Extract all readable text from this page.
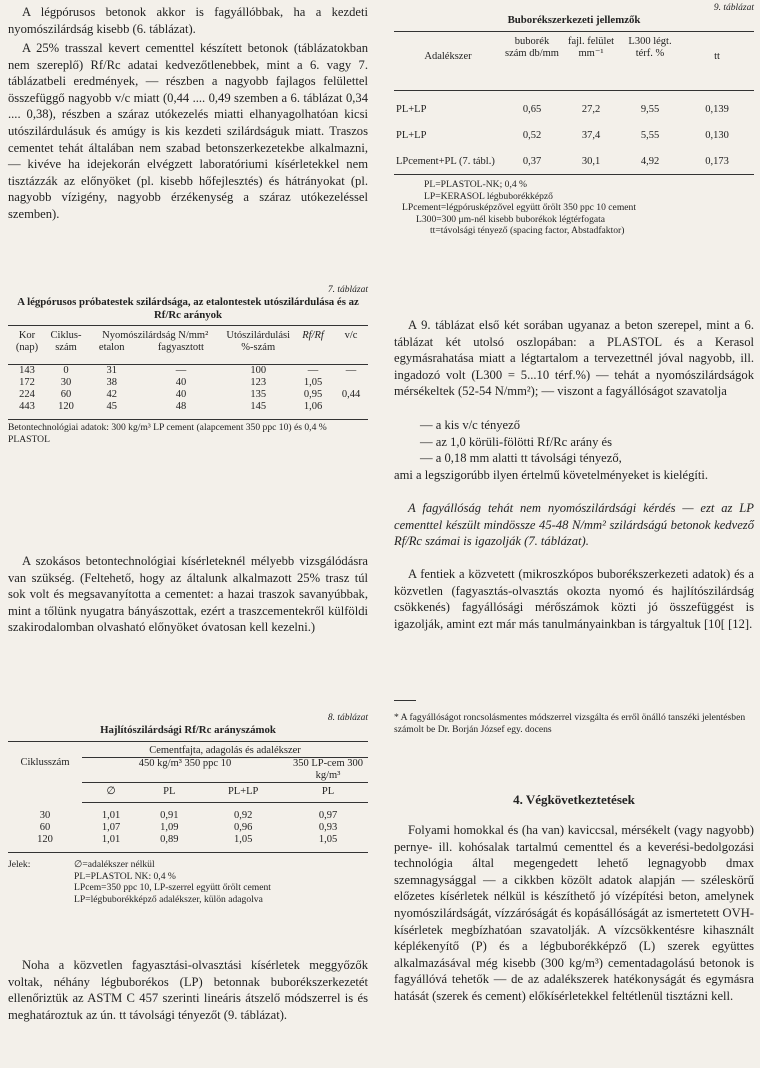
A légpórusos betonok akkor is fagyállóbbak, ha a kezdeti nyomószilárdság kisebb (6. táblázat).

A 25% trasszal kevert cementtel készített betonok (táblázatokban nem szereplő) Rf/Rc adatai kedvezőtlenebbek, mint a 6. vagy 7. táblázatbeli eredmények, — részben a nagyobb fajlagos felülettel összefüggő nagyobb v/c miatt (0,44 .... 0,49 szemben a 6. táblázat 0,34 .... 0,38), részben a száraz utókezelés miatti elhanyagolhatóan kicsi utószilárdulásuk és amúgy is kis kezdeti szilárdságuk miatt. Traszos cementet tehát általában nem szabad betonszerkezetekbe alkalmazni, — kivéve ha idejekorán elvégzett laboratóriumi kísérletekkel nem tisztázzák az előnyöket (pl. kisebb hőfejlesztés) és hátrányokat (pl. nagyobb vízigény, nagyobb érzékenység a száraz utókezeléssel szemben).

7. táblázat
A légpórusos próbatestek szilárdsága, az etalontestek utószilárdulása és az Rf/Rc arányok
Kor (nap)	Ciklus-szám	Nyomószilárdság N/mm²		Utószilárdulási %-szám	Rf/Rf	v/c
		etalon	fagyasztott			

143	0	31	—	100	—	—
172	30	38	40	123	1,05	
224	60	42	40	135	0,95	0,44
443	120	45	48	145	1,06	
Betontechnológiai adatok: 300 kg/m³ LP cement (alapcement 350 ppc 10) és 0,4 % PLASTOL

A szokásos betontechnológiai kísérleteknél mélyebb vizsgálódásra van szükség. (Feltehető, hogy az általunk alkalmazott 25% trasz túl sok volt és megsavanyította a cementet: a hazai traszok savanyúbbak, mint a tőlünk nyugatra bányászottak, ezért a traszcementekről külföldi szakirodalomban olvasható előnyöket óvatosan kell kezelni.)

8. táblázat
Hajlítószilárdsági Rf/Rc arányszámok
Ciklusszám	Cementfajta, adagolás és adalékszer			
	450 kg/m³ 350 ppc 10			350 LP-cem 300 kg/m³
	∅	PL	PL+LP	PL

30	1,01	0,91	0,92	0,97
60	1,07	1,09	0,96	0,93
120	1,01	0,89	1,05	1,05
Jelek:	∅=adalékszer nélkül
PL=PLASTOL NK: 0,4 %
LPcem=350 ppc 10, LP-szerrel együtt őrölt cement
LP=légbuborékképző adalékszer, külön adagolva

Noha a közvetlen fagyasztási-olvasztási kísérletek meggyőzők voltak, néhány légbuborékos (LP) betonnak buborékszerkezetét ellenőriztük az ASTM C 457 szerinti lineáris átszelő módszerrel is és meghatároztuk az ún. tt távolsági tényezőt (9. táblázat).

9. táblázat
Buborékszerkezeti jellemzők
Adalékszer	buborék szám db/mm	fajl. felület mm⁻¹	L300 légt. térf. %	tt

PL+LP	0,65	27,2	9,55	0,139

PL+LP	0,52	37,4	5,55	0,130

LPcement+PL (7. tábl.)	0,37	30,1	4,92	0,173
PL=PLASTOL-NK; 0,4 %
LP=KERASOL légbuborékképző
LPcement=légpórusképzővel együtt őrölt 350 ppc 10 cement
L300=300 μm-nél kisebb buborékok légtérfogata
tt=távolsági tényező (spacing factor, Abstadfaktor)

A 9. táblázat első két sorában ugyanaz a beton szerepel, mint a 6. táblázat két utolsó oszlopában: a PLASTOL és a Kerasol egymásrahatása miatt a légtartalom a tervezettnél jóval nagyobb, ill. ingadozó volt (L300 = 5...10 térf.%) — tehát a nyomószilárdságok mérsékeltek (52-54 N/mm²); — viszont a fagyállóságot szavatolja

— a kis v/c tényező
— az 1,0 körüli-fölötti Rf/Rc arány és
— a 0,18 mm alatti tt távolsági tényező,

ami a legszigorúbb ilyen értelmű követelményeket is kielégíti.

A fagyállóság tehát nem nyomószilárdsági kérdés — ezt az LP cementtel készült mindössze 45-48 N/mm² szilárdságú betonok kedvező Rf/Rc számai is igazolják (7. táblázat).

A fentiek a közvetett (mikroszkópos buborékszerkezeti adatok) és a közvetlen (fagyasztás-olvasztás okozta nyomó és hajlítószilárdság csökkenés) fagyállósági mérőszámok közti jó összefüggést is igazolják, amint ezt már más tanulmányainkban is tárgyaltuk [10[ [12].

* A fagyállóságot roncsolásmentes módszerrel vizsgálta és erről önálló tanszéki jelentésben számolt be Dr. Borján József egy. docens
4. Végkövetkeztetések

Folyami homokkal és (ha van) kaviccsal, mérsékelt (vagy nagyobb) pernye- ill. kohósalak tartalmú cementtel és a keverési-bedolgozási technológia által megengedett lehető legnagyobb dmax szemnagysággal — a cikkben közölt adatok alapján — széleskörű előzetes kísérletek nélkül is készíthető jó vízépítési beton, amelynek nyomószilárdságát, vízzáróságát és kopásállóságát az ismertetett OVH-kísérletek megbízhatóan szavatolják. A vízcsökkentésre kihasznált képlékenyítő (P) és a légbuborékképző (L) szerek együttes alkalmazásával még kisebb (300 kg/m³) cementadagolású betonok is fagyállóvá tehetők — de az adalékszerek hatékonyságát és egymásra hatását (szerek és cement) előkísérletekkel feltétlenül tisztázni kell.
